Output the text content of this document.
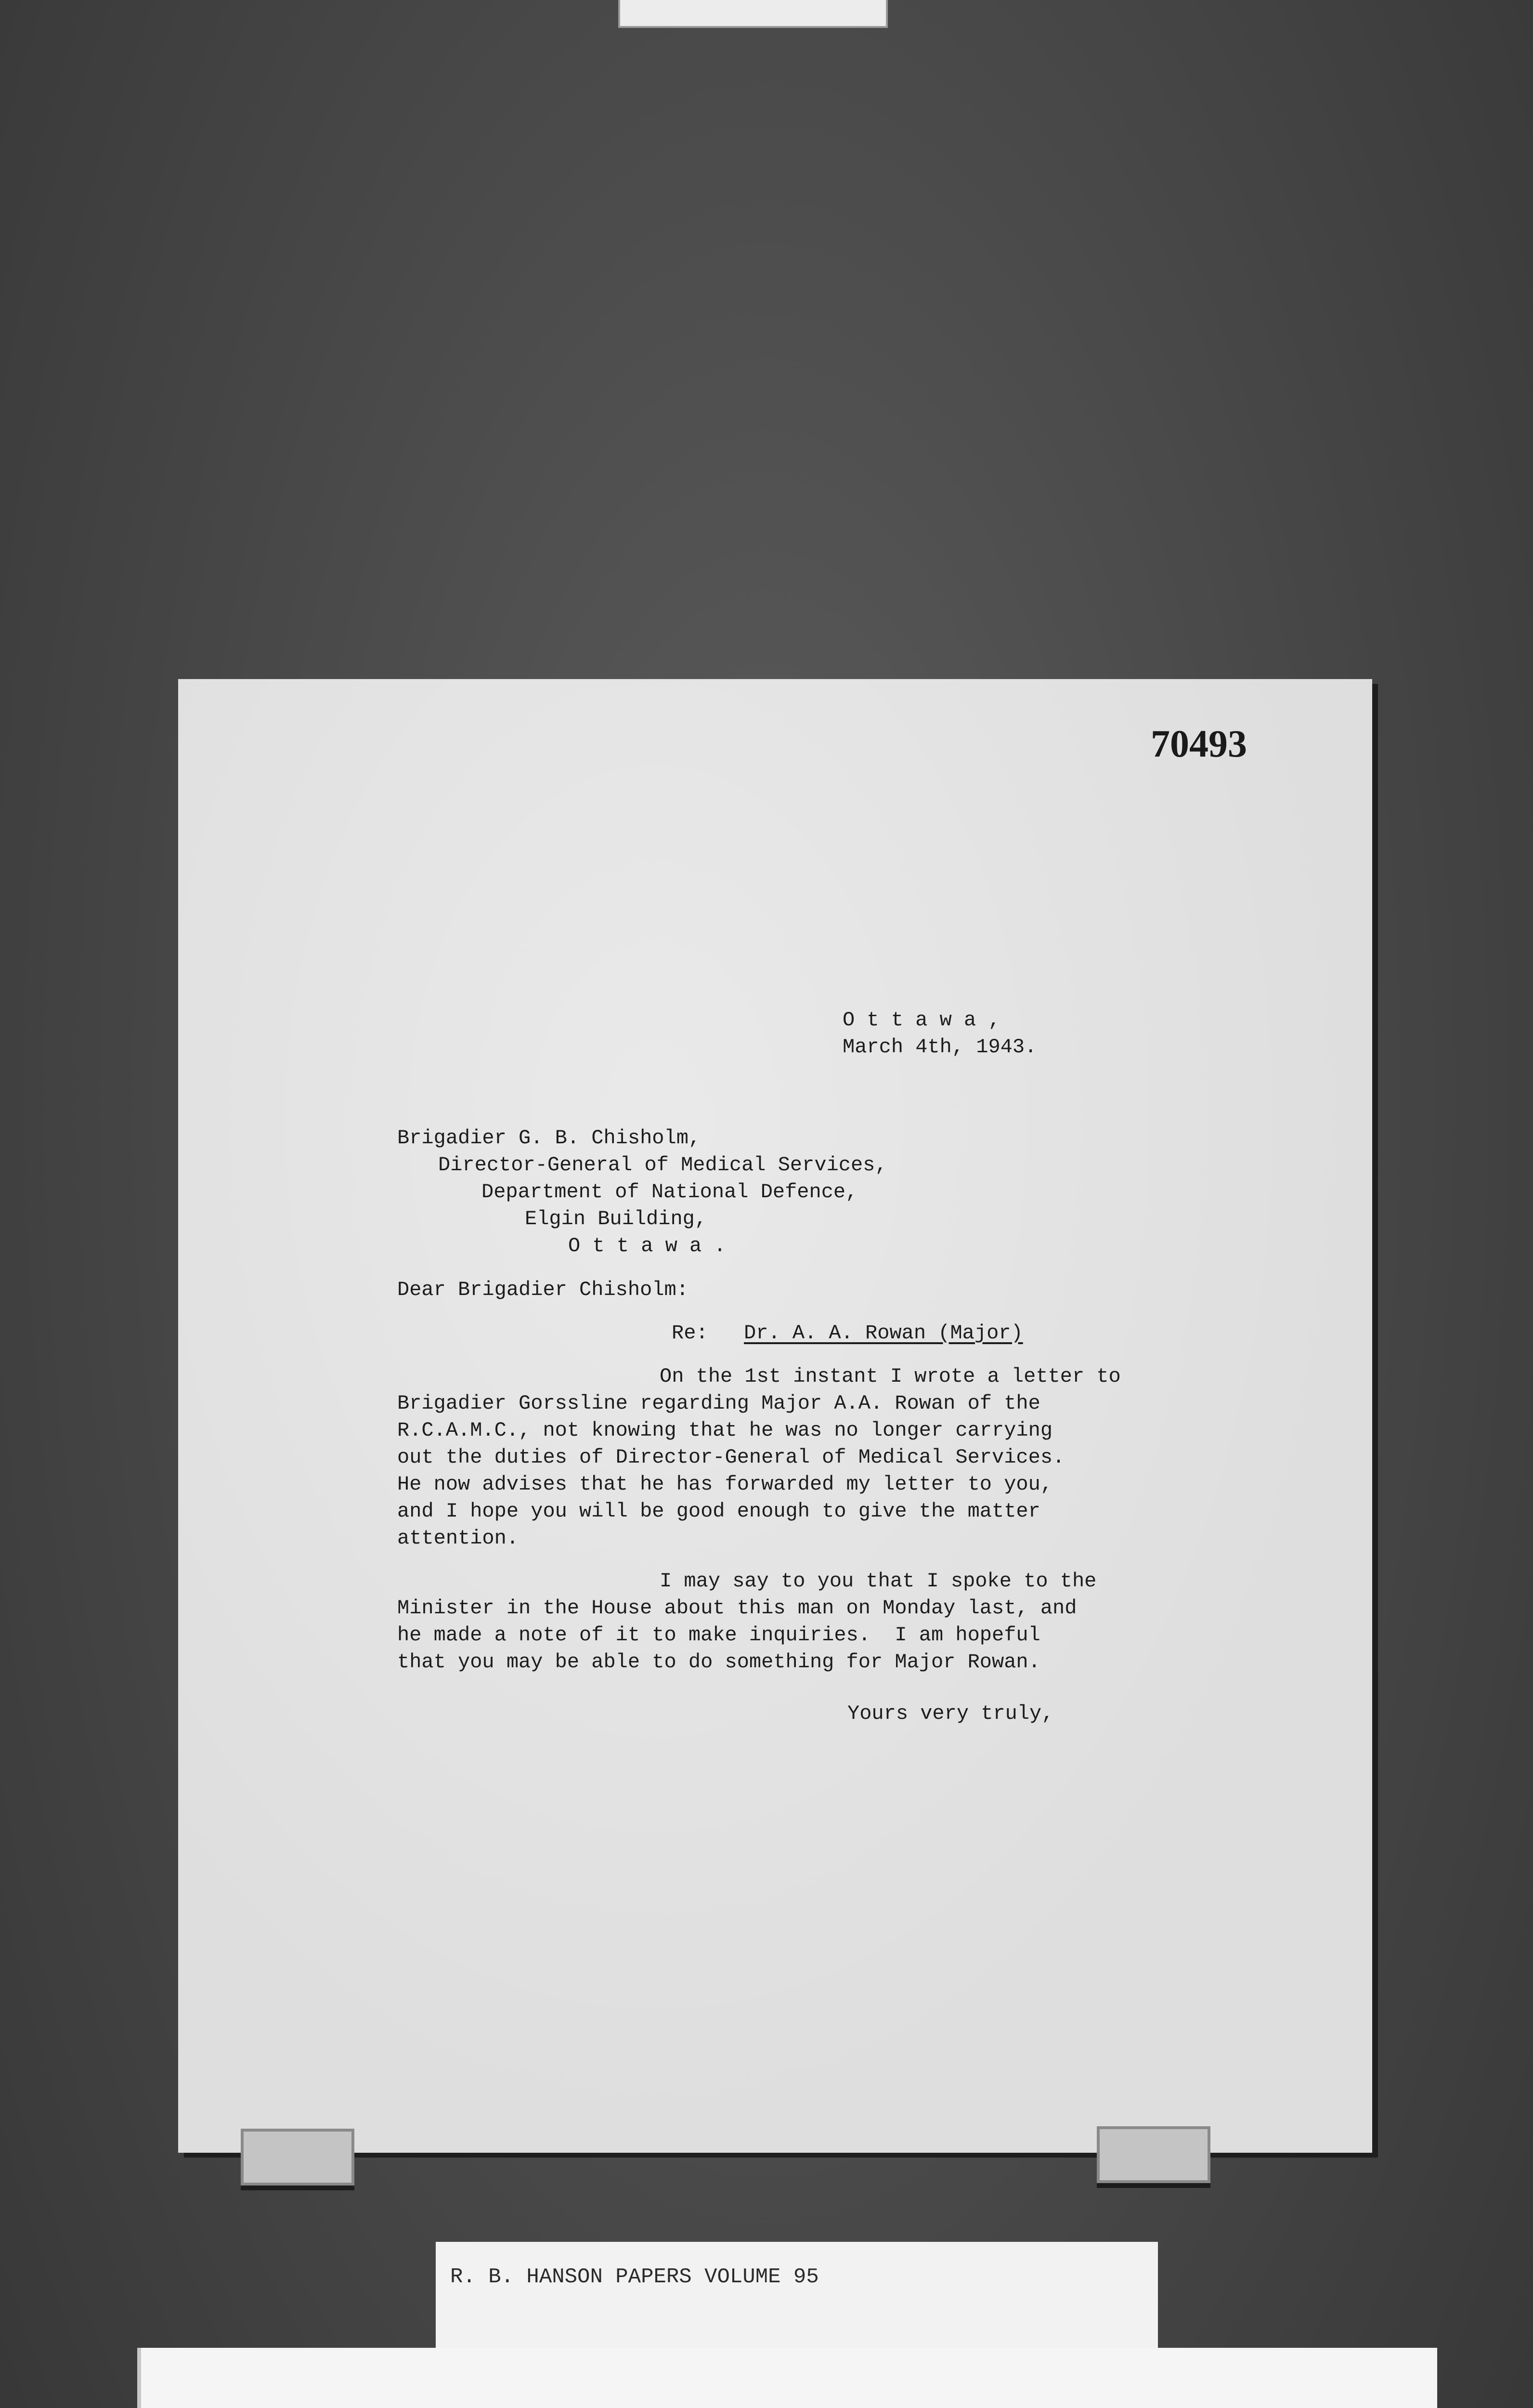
70493
O t t a w a ,
March 4th, 1943.
Brigadier G. B. Chisholm,
Director-General of Medical Services,
Department of National Defence,
Elgin Building,
O t t a w a .
Dear Brigadier Chisholm:
Re: Dr. A. A. Rowan (Major)
On the 1st instant I wrote a letter to
Brigadier Gorssline regarding Major A.A. Rowan of the
R.C.A.M.C., not knowing that he was no longer carrying
out the duties of Director-General of Medical Services.
He now advises that he has forwarded my letter to you,
and I hope you will be good enough to give the matter
attention.
I may say to you that I spoke to the
Minister in the House about this man on Monday last, and
he made a note of it to make inquiries.  I am hopeful
that you may be able to do something for Major Rowan.
Yours very truly,
R. B. HANSON PAPERS VOLUME 95
